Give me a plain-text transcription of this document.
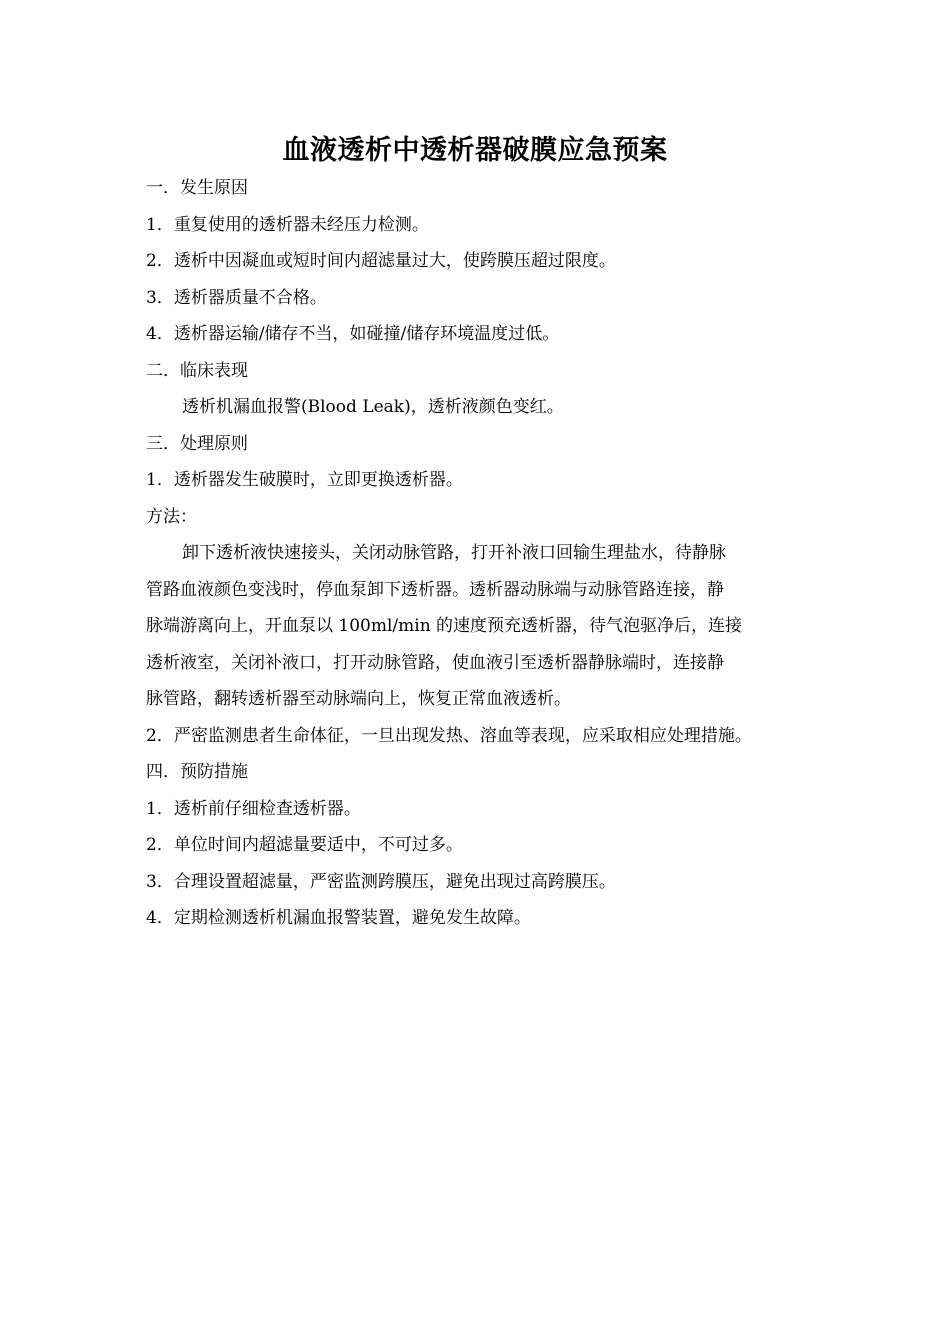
血液透析中透析器破膜应急预案
一．发生原因
1．重复使用的透析器未经压力检测。
2．透析中因凝血或短时间内超滤量过大，使跨膜压超过限度。
3．透析器质量不合格。
4．透析器运输/储存不当，如碰撞/储存环境温度过低。
二．临床表现
透析机漏血报警(Blood Leak)，透析液颜色变红。
三．处理原则
1．透析器发生破膜时，立即更换透析器。
方法：
卸下透析液快速接头，关闭动脉管路，打开补液口回输生理盐水，待静脉
管路血液颜色变浅时，停血泵卸下透析器。透析器动脉端与动脉管路连接，静
脉端游离向上，开血泵以 100ml/min 的速度预充透析器，待气泡驱净后，连接
透析液室，关闭补液口，打开动脉管路，使血液引至透析器静脉端时，连接静
脉管路，翻转透析器至动脉端向上，恢复正常血液透析。
2．严密监测患者生命体征，一旦出现发热、溶血等表现，应采取相应处理措施。
四．预防措施
1．透析前仔细检查透析器。
2．单位时间内超滤量要适中，不可过多。
3．合理设置超滤量，严密监测跨膜压，避免出现过高跨膜压。
4．定期检测透析机漏血报警装置，避免发生故障。
